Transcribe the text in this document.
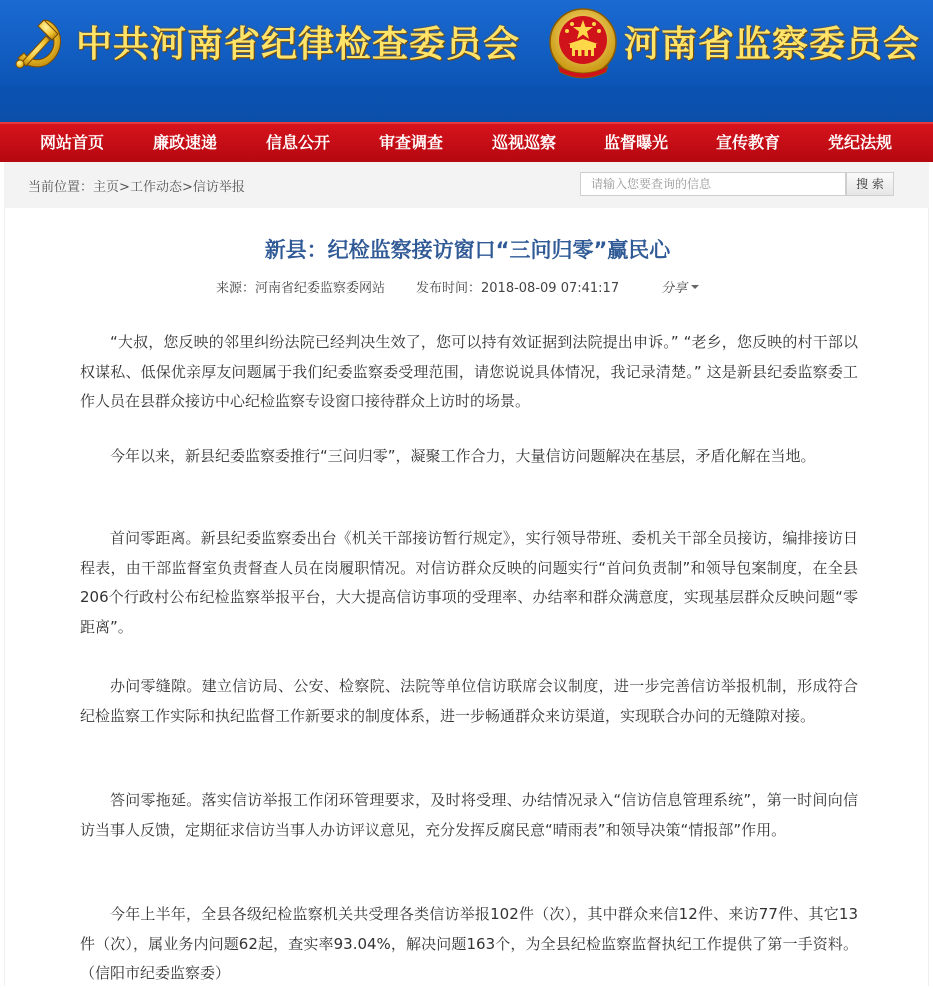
中共河南省纪律检查委员会	河南省监察委员会
网站首页	廉政速递	信息公开	审查调查	巡视巡察	监督曝光	宣传教育	党纪法规
当前位置：主页>工作动态>信访举报
请输入您要查询的信息	搜 索
新县：纪检监察接访窗口“三问归零”赢民心
来源：河南省纪委监察委网站 发布时间：2018-08-09 07:41:17	分享

“大叔，您反映的邻里纠纷法院已经判决生效了，您可以持有效证据到法院提出申诉。” “老乡，您反映的村干部以权谋私、低保优亲厚友问题属于我们纪委监察委受理范围，请您说说具体情况，我记录清楚。” 这是新县纪委监察委工作人员在县群众接访中心纪检监察专设窗口接待群众上访时的场景。

今年以来，新县纪委监察委推行“三问归零”，凝聚工作合力，大量信访问题解决在基层，矛盾化解在当地。

首问零距离。新县纪委监察委出台《机关干部接访暂行规定》，实行领导带班、委机关干部全员接访，编排接访日程表，由干部监督室负责督查人员在岗履职情况。对信访群众反映的问题实行“首问负责制”和领导包案制度，在全县206个行政村公布纪检监察举报平台，大大提高信访事项的受理率、办结率和群众满意度，实现基层群众反映问题“零距离”。

办问零缝隙。建立信访局、公安、检察院、法院等单位信访联席会议制度，进一步完善信访举报机制，形成符合纪检监察工作实际和执纪监督工作新要求的制度体系，进一步畅通群众来访渠道，实现联合办问的无缝隙对接。

答问零拖延。落实信访举报工作闭环管理要求，及时将受理、办结情况录入“信访信息管理系统”，第一时间向信访当事人反馈，定期征求信访当事人办访评议意见，充分发挥反腐民意“晴雨表”和领导决策“情报部”作用。

今年上半年，全县各级纪检监察机关共受理各类信访举报102件（次），其中群众来信12件、来访77件、其它13件（次），属业务内问题62起，查实率93.04%，解决问题163个，为全县纪检监察监督执纪工作提供了第一手资料。（信阳市纪委监察委）
